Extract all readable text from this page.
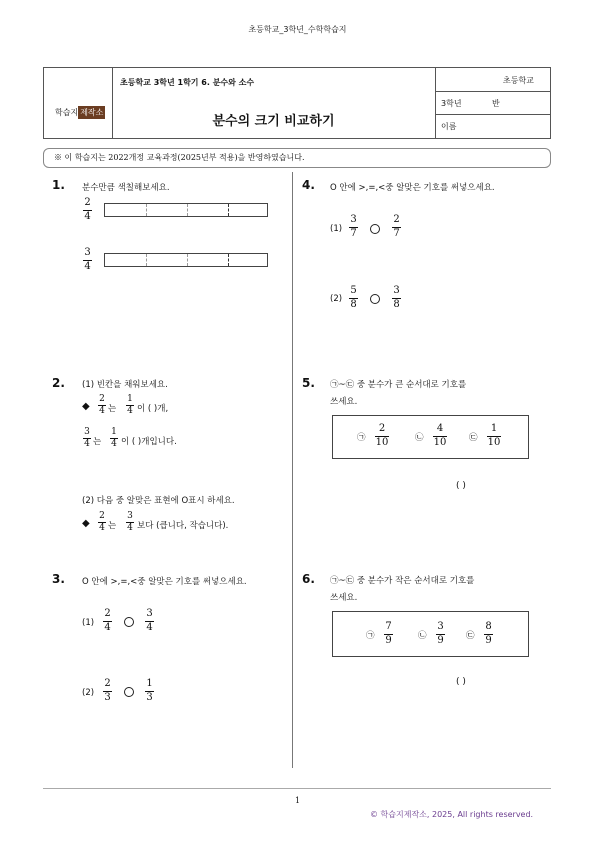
초등학교_3학년_수학학습지
학습지 제작소
초등학교 3학년 1학기 6. 분수와 소수
분수의 크기 비교하기
초등학교
3학년	반
이름
※ 이 학습지는 2022개정 교육과정(2025년부 적용)을 반영하였습니다.
1. 분수만큼 색칠해보세요.
2
4
3
4
2. (1) 빈칸을 채워보세요.
◆
2
4 는
1
4 이 ( )개,
3
4 는
1
4 이 ( )개입니다.
(2) 다음 중 알맞은 표현에 O표시 하세요.
◆
2
4 는
3
4 보다 (큽니다, 작습니다).
3. O 안에 >,=,<중 알맞은 기호를 써넣으세요.
(1)
2
4
3
4
(2)
2
3
1
3
4. O 안에 >,=,<중 알맞은 기호를 써넣으세요.
(1)
3
7
2
7
(2)
5
8
3
8
5. ㉠~㉢ 중 분수가 큰 순서대로 기호를
쓰세요.
㉠
2
10	㉡
4
10	㉢
1
10
( )
6. ㉠~㉢ 중 분수가 작은 순서대로 기호를
쓰세요.
㉠
7
9	㉡
3
9	㉢
8
9
( )
1
© 학습지제작소, 2025, All rights reserved.
